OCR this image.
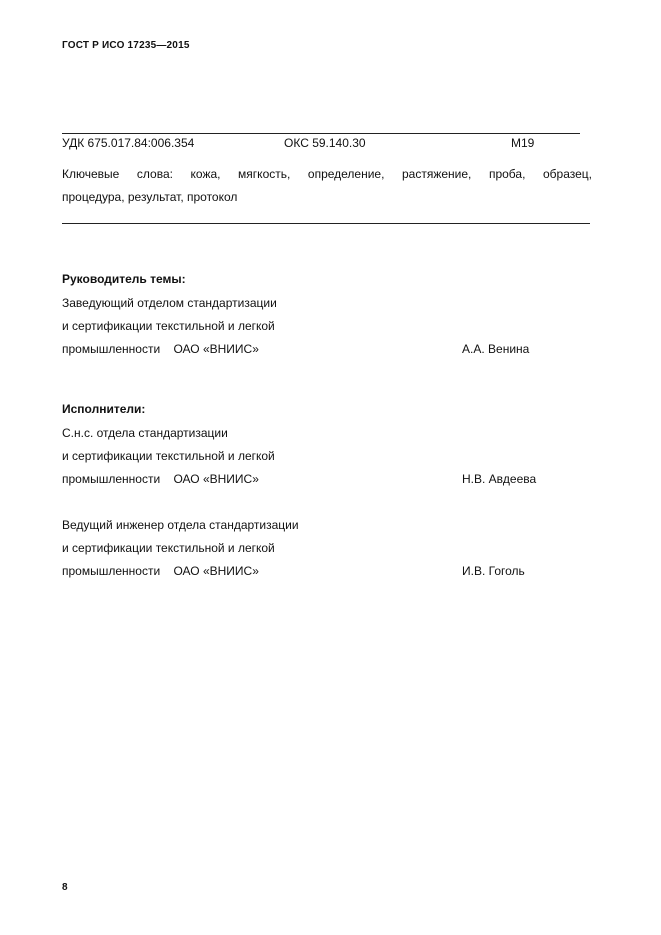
ГОСТ Р ИСО 17235—2015
УДК 675.017.84:006.354	ОКС 59.140.30	М19
Ключевые слова: кожа, мягкость, определение, растяжение, проба, образец,
процедура, результат, протокол
Руководитель темы:
Заведующий отделом стандартизации
и сертификации текстильной и легкой
промышленности    ОАО «ВНИИС»	А.А. Венина
Исполнители:
С.н.с. отдела стандартизации
и сертификации текстильной и легкой
промышленности    ОАО «ВНИИС»	Н.В. Авдеева
Ведущий инженер отдела стандартизации
и сертификации текстильной и легкой
промышленности    ОАО «ВНИИС»	И.В. Гоголь
8
